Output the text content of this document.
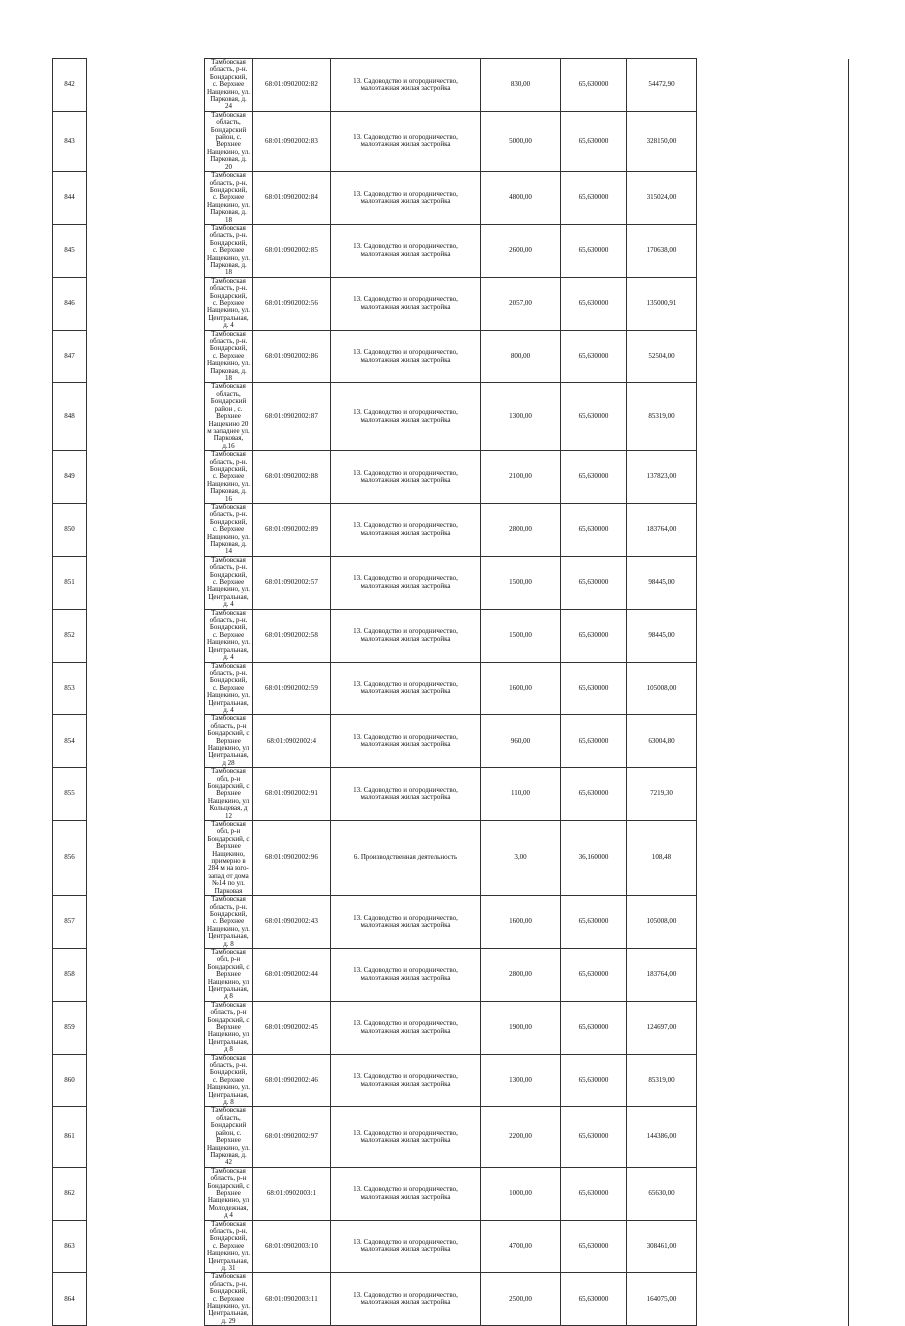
842		Тамбовская область, р-н. Бондарский, с. Верхнее Нащекино, ул. Парковая, д. 24	68:01:0902002:82	13. Садоводство и огородничество, малоэтажная жилая застройка	830,00	65,630000	54472,90	
843		Тамбовская область, Бондарский район, с. Верхнее Нащекино, ул. Парковая, д. 20	68:01:0902002:83	13. Садоводство и огородничество, малоэтажная жилая застройка	5000,00	65,630000	328150,00	
844		Тамбовская область, р-н. Бондарский, с. Верхнее Нащекино, ул. Парковая, д. 18	68:01:0902002:84	13. Садоводство и огородничество, малоэтажная жилая застройка	4800,00	65,630000	315024,00	
845		Тамбовская область, р-н. Бондарский, с. Верхнее Нащекино, ул. Парковая, д. 18	68:01:0902002:85	13. Садоводство и огородничество, малоэтажная жилая застройка	2600,00	65,630000	170638,00	
846		Тамбовская область, р-н. Бондарский, с. Верхнее Нащекино, ул. Центральная, д. 4	68:01:0902002:56	13. Садоводство и огородничество, малоэтажная жилая застройка	2057,00	65,630000	135000,91	
847		Тамбовская область, р-н. Бондарский, с. Верхнее Нащекино, ул. Парковая, д. 18	68:01:0902002:86	13. Садоводство и огородничество, малоэтажная жилая застройка	800,00	65,630000	52504,00	
848		Тамбовская область, Бондарский район , с. Верхнее Нащекино 20 м западнее ул. Парковая, д.16	68:01:0902002:87	13. Садоводство и огородничество, малоэтажная жилая застройка	1300,00	65,630000	85319,00	
849		Тамбовская область, р-н. Бондарский, с. Верхнее Нащекино, ул. Парковая, д. 16	68:01:0902002:88	13. Садоводство и огородничество, малоэтажная жилая застройка	2100,00	65,630000	137823,00	
850		Тамбовская область, р-н. Бондарский, с. Верхнее Нащекино, ул. Парковая, д. 14	68:01:0902002:89	13. Садоводство и огородничество, малоэтажная жилая застройка	2800,00	65,630000	183764,00	
851		Тамбовская область, р-н. Бондарский, с. Верхнее Нащекино, ул. Центральная, д. 4	68:01:0902002:57	13. Садоводство и огородничество, малоэтажная жилая застройка	1500,00	65,630000	98445,00	
852		Тамбовская область, р-н. Бондарский, с. Верхнее Нащекино, ул. Центральная, д. 4	68:01:0902002:58	13. Садоводство и огородничество, малоэтажная жилая застройка	1500,00	65,630000	98445,00	
853		Тамбовская область, р-н. Бондарский, с. Верхнее Нащекино, ул. Центральная, д. 4	68:01:0902002:59	13. Садоводство и огородничество, малоэтажная жилая застройка	1600,00	65,630000	105008,00	
854		Тамбовская область, р-н Бондарский, с Верхнее Нащекино, ул Центральная, д 28	68:01:0902002:4	13. Садоводство и огородничество, малоэтажная жилая застройка	960,00	65,630000	63004,80	
855		Тамбовская обл, р-н Бондарский, с Верхнее Нащекино, ул Кольцевая, д 12	68:01:0902002:91	13. Садоводство и огородничество, малоэтажная жилая застройка	110,00	65,630000	7219,30	
856		Тамбовская обл, р-н Бондарский, с Верхнее Нащекино, примерно в 284 м на юго-запад от дома №14 по ул. Парковая	68:01:0902002:96	6. Производственная деятельность	3,00	36,160000	108,48	
857		Тамбовская область, р-н. Бондарский, с. Верхнее Нащекино, ул. Центральная, д. 8	68:01:0902002:43	13. Садоводство и огородничество, малоэтажная жилая застройка	1600,00	65,630000	105008,00	
858		Тамбовская обл, р-н Бондарский, с Верхнее Нащекино, ул Центральная, д 8	68:01:0902002:44	13. Садоводство и огородничество, малоэтажная жилая застройка	2800,00	65,630000	183764,00	
859		Тамбовская область, р-н Бондарский, с Верхнее Нащекино, ул Центральная, д 8	68:01:0902002:45	13. Садоводство и огородничество, малоэтажная жилая застройка	1900,00	65,630000	124697,00	
860		Тамбовская область, р-н. Бондарский, с. Верхнее Нащекино, ул. Центральная, д. 8	68:01:0902002:46	13. Садоводство и огородничество, малоэтажная жилая застройка	1300,00	65,630000	85319,00	
861		Тамбовская область, Бондарский район, с. Верхнее Нащекино, ул. Парковая, д. 42	68:01:0902002:97	13. Садоводство и огородничество, малоэтажная жилая застройка	2200,00	65,630000	144386,00	
862		Тамбовская область, р-н Бондарский, с Верхнее Нащекино, ул Молодежная, д 4	68:01:0902003:1	13. Садоводство и огородничество, малоэтажная жилая застройка	1000,00	65,630000	65630,00	
863		Тамбовская область, р-н. Бондарский, с. Верхнее Нащекино, ул. Центральная, д. 31	68:01:0902003:10	13. Садоводство и огородничество, малоэтажная жилая застройка	4700,00	65,630000	308461,00	
864		Тамбовская область, р-н. Бондарский, с. Верхнее Нащекино, ул. Центральная, д. 29	68:01:0902003:11	13. Садоводство и огородничество, малоэтажная жилая застройка	2500,00	65,630000	164075,00	
